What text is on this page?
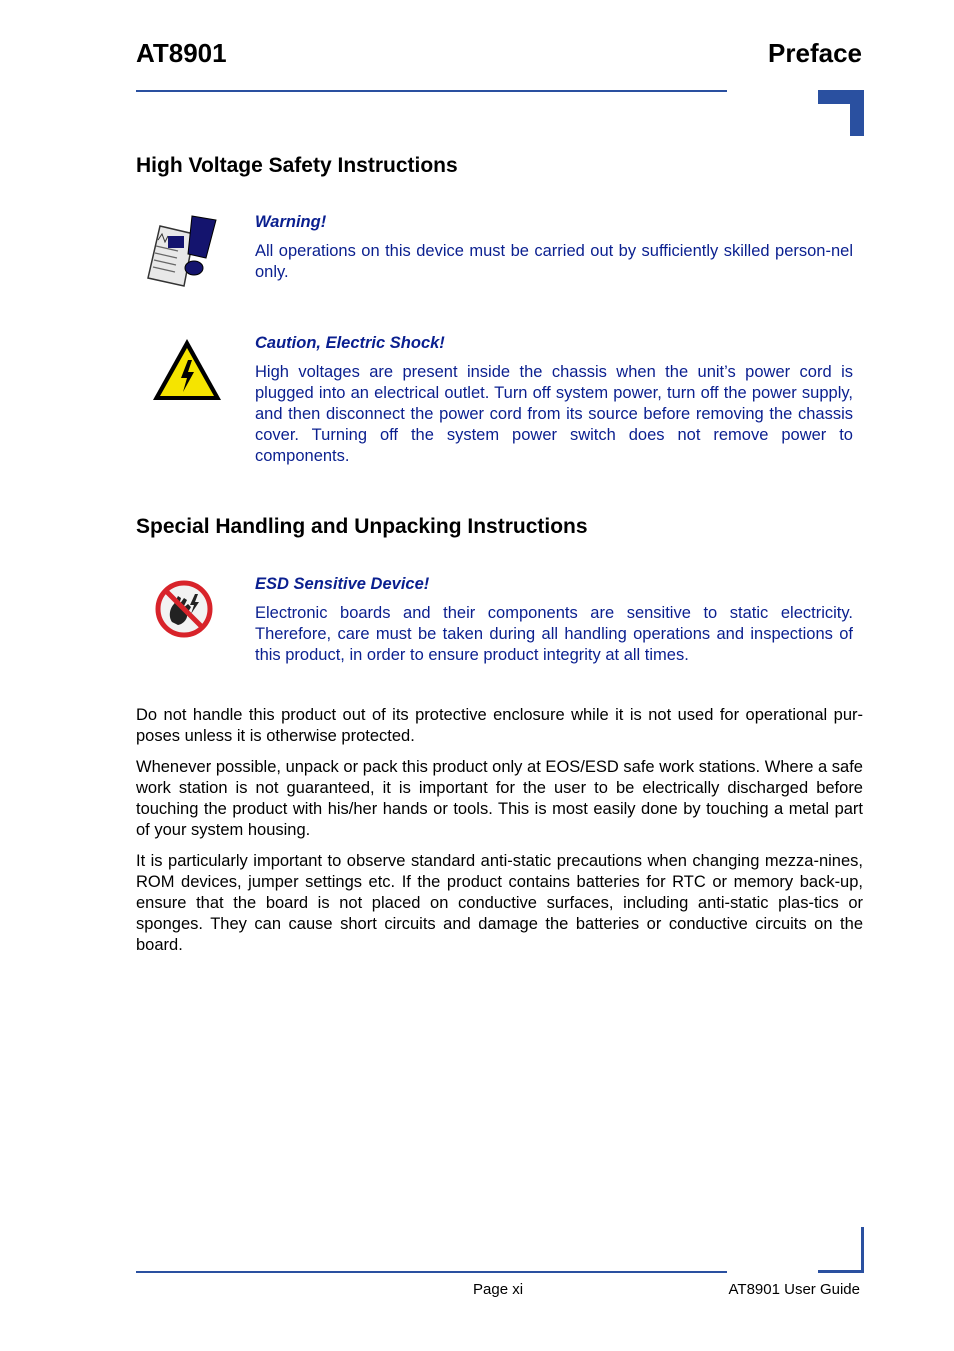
AT8901	Preface
High Voltage Safety Instructions
Warning!
All operations on this device must be carried out by sufficiently skilled person-nel only.
Caution, Electric Shock!
High voltages are present inside the chassis when the unit’s power cord is plugged into an electrical outlet. Turn off system power, turn off the power supply, and then disconnect the power cord from its source before removing the chassis cover. Turning off the system power switch does not remove power to components.
Special Handling and Unpacking Instructions
ESD Sensitive Device!
Electronic boards and their components are sensitive to static electricity. Therefore, care must be taken during all handling operations and inspections of this product, in order to ensure product integrity at all times.

Do not handle this product out of its protective enclosure while it is not used for operational pur-poses unless it is otherwise protected.

Whenever possible, unpack or pack this product only at EOS/ESD safe work stations. Where a safe work station is not guaranteed, it is important for the user to be electrically discharged before touching the product with his/her hands or tools. This is most easily done by touching a metal part of your system housing.

It is particularly important to observe standard anti-static precautions when changing mezza-nines, ROM devices, jumper settings etc. If the product contains batteries for RTC or memory back-up, ensure that the board is not placed on conductive surfaces, including anti-static plas-tics or sponges. They can cause short circuits and damage the batteries or conductive circuits on the board.

Page xi	AT8901 User Guide
